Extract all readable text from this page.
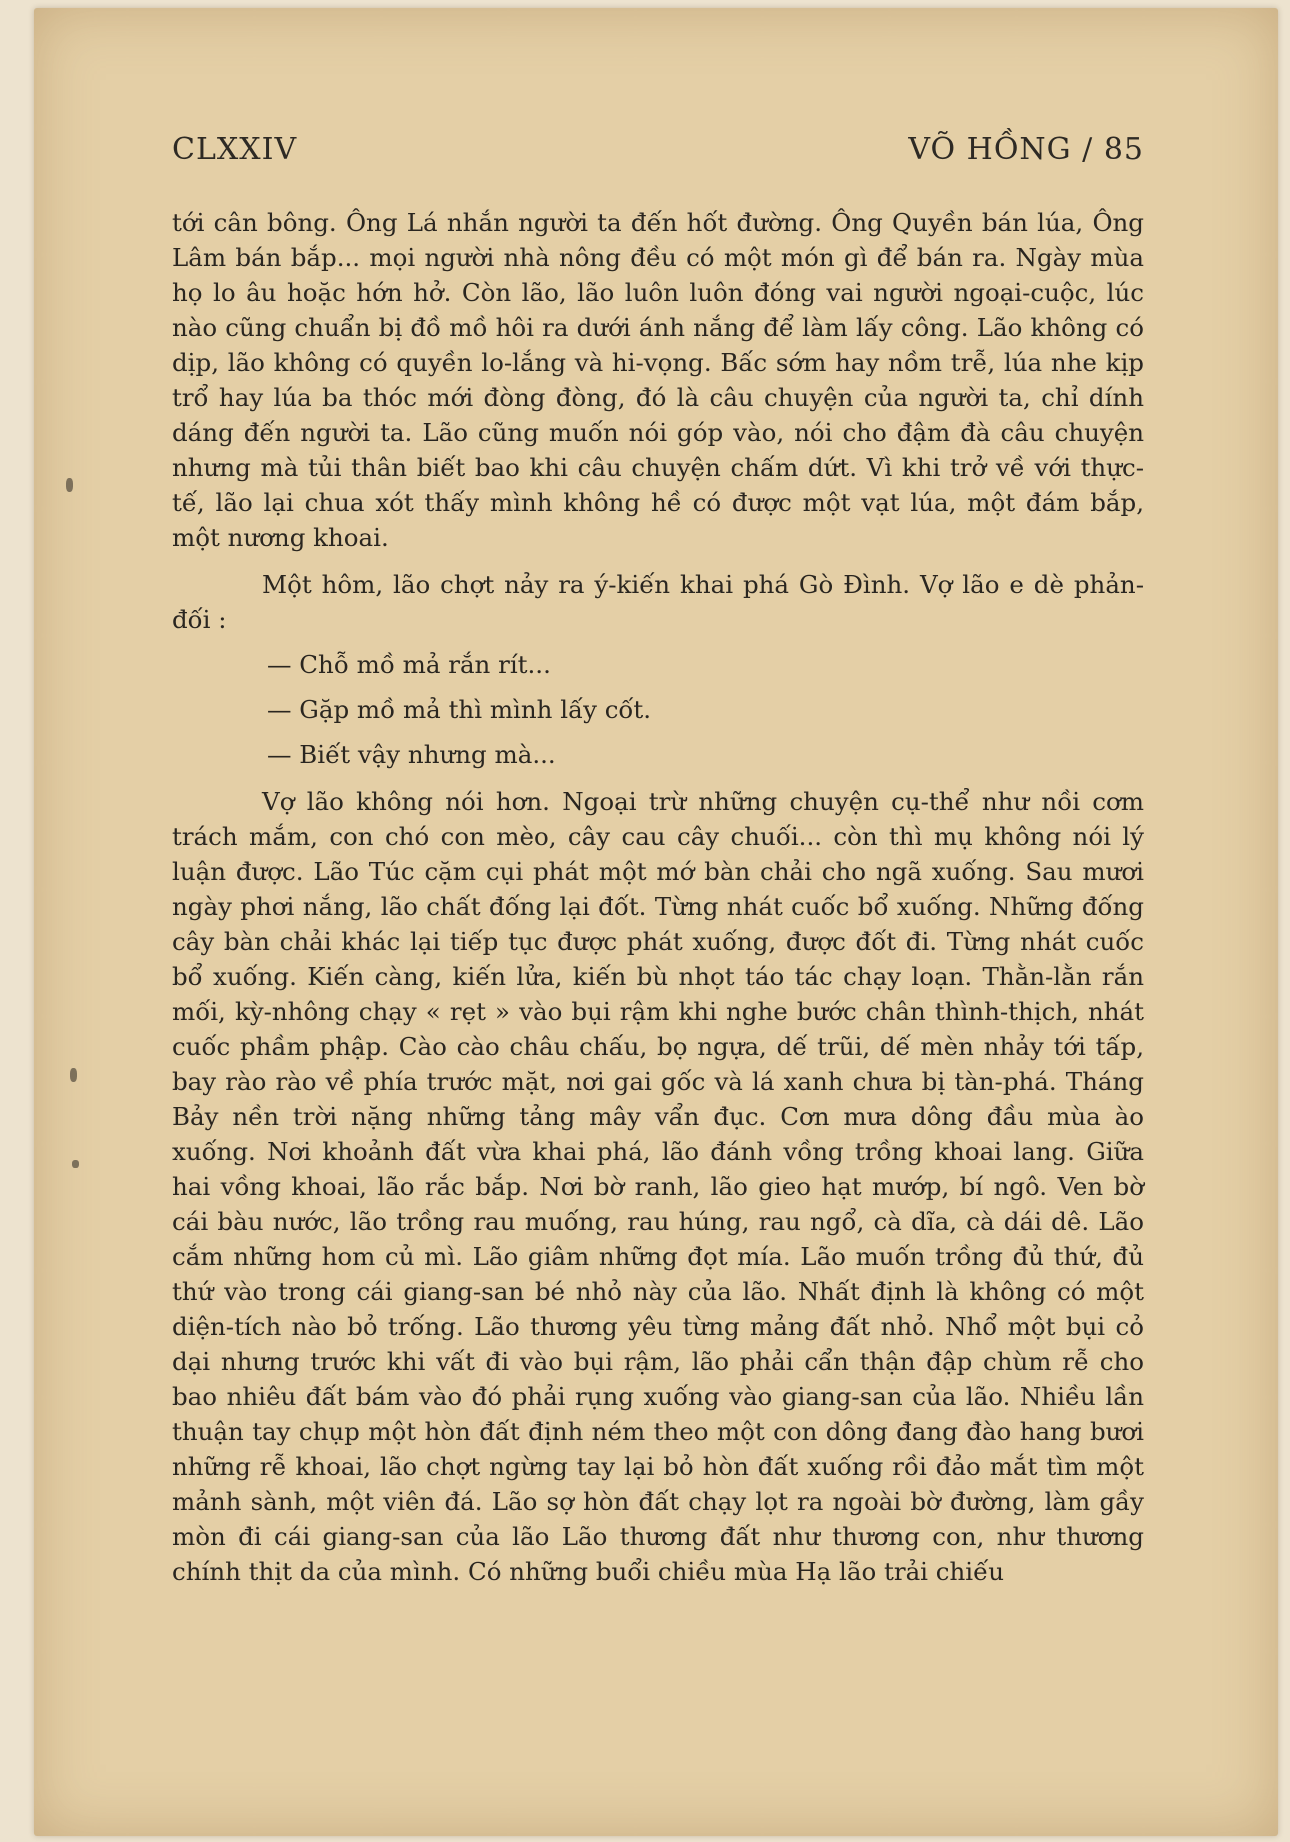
CLXXIV	VÕ HỒNG / 85

tới cân bông. Ông Lá nhắn người ta đến hốt đường. Ông Quyền bán lúa, Ông Lâm bán bắp... mọi người nhà nông đều có một món gì để bán ra. Ngày mùa họ lo âu hoặc hớn hở. Còn lão, lão luôn luôn đóng vai người ngoại-cuộc, lúc nào cũng chuẩn bị đồ mồ hôi ra dưới ánh nắng để làm lấy công. Lão không có dịp, lão không có quyền lo-lắng và hi-vọng. Bấc sớm hay nồm trễ, lúa nhe kịp trổ hay lúa ba thóc mới đòng đòng, đó là câu chuyện của người ta, chỉ dính dáng đến người ta. Lão cũng muốn nói góp vào, nói cho đậm đà câu chuyện nhưng mà tủi thân biết bao khi câu chuyện chấm dứt. Vì khi trở về với thực-tế, lão lại chua xót thấy mình không hề có được một vạt lúa, một đám bắp, một nương khoai.

Một hôm, lão chợt nảy ra ý-kiến khai phá Gò Đình. Vợ lão e dè phản-đối :

— Chỗ mồ mả rắn rít...

— Gặp mồ mả thì mình lấy cốt.

— Biết vậy nhưng mà...

Vợ lão không nói hơn. Ngoại trừ những chuyện cụ-thể như nồi cơm trách mắm, con chó con mèo, cây cau cây chuối... còn thì mụ không nói lý luận được. Lão Túc cặm cụi phát một mớ bàn chải cho ngã xuống. Sau mươi ngày phơi nắng, lão chất đống lại đốt. Từng nhát cuốc bổ xuống. Những đống cây bàn chải khác lại tiếp tục được phát xuống, được đốt đi. Từng nhát cuốc bổ xuống. Kiến càng, kiến lửa, kiến bù nhọt táo tác chạy loạn. Thằn-lằn rắn mối, kỳ-nhông chạy « rẹt » vào bụi rậm khi nghe bước chân thình-thịch, nhát cuốc phầm phập. Cào cào châu chấu, bọ ngựa, dế trũi, dế mèn nhảy tới tấp, bay rào rào về phía trước mặt, nơi gai gốc và lá xanh chưa bị tàn-phá. Tháng Bảy nền trời nặng những tảng mây vẩn đục. Cơn mưa dông đầu mùa ào xuống. Nơi khoảnh đất vừa khai phá, lão đánh vồng trồng khoai lang. Giữa hai vồng khoai, lão rắc bắp. Nơi bờ ranh, lão gieo hạt mướp, bí ngô. Ven bờ cái bàu nước, lão trồng rau muống, rau húng, rau ngổ, cà dĩa, cà dái dê. Lão cắm những hom củ mì. Lão giâm những đọt mía. Lão muốn trồng đủ thứ, đủ thứ vào trong cái giang-san bé nhỏ này của lão. Nhất định là không có một diện-tích nào bỏ trống. Lão thương yêu từng mảng đất nhỏ. Nhổ một bụi cỏ dại nhưng trước khi vất đi vào bụi rậm, lão phải cẩn thận đập chùm rễ cho bao nhiêu đất bám vào đó phải rụng xuống vào giang-san của lão. Nhiều lần thuận tay chụp một hòn đất định ném theo một con dông đang đào hang bươi những rễ khoai, lão chợt ngừng tay lại bỏ hòn đất xuống rồi đảo mắt tìm một mảnh sành, một viên đá. Lão sợ hòn đất chạy lọt ra ngoài bờ đường, làm gầy mòn đi cái giang-san của lão Lão thương đất như thương con, như thương chính thịt da của mình. Có những buổi chiều mùa Hạ lão trải chiếu
